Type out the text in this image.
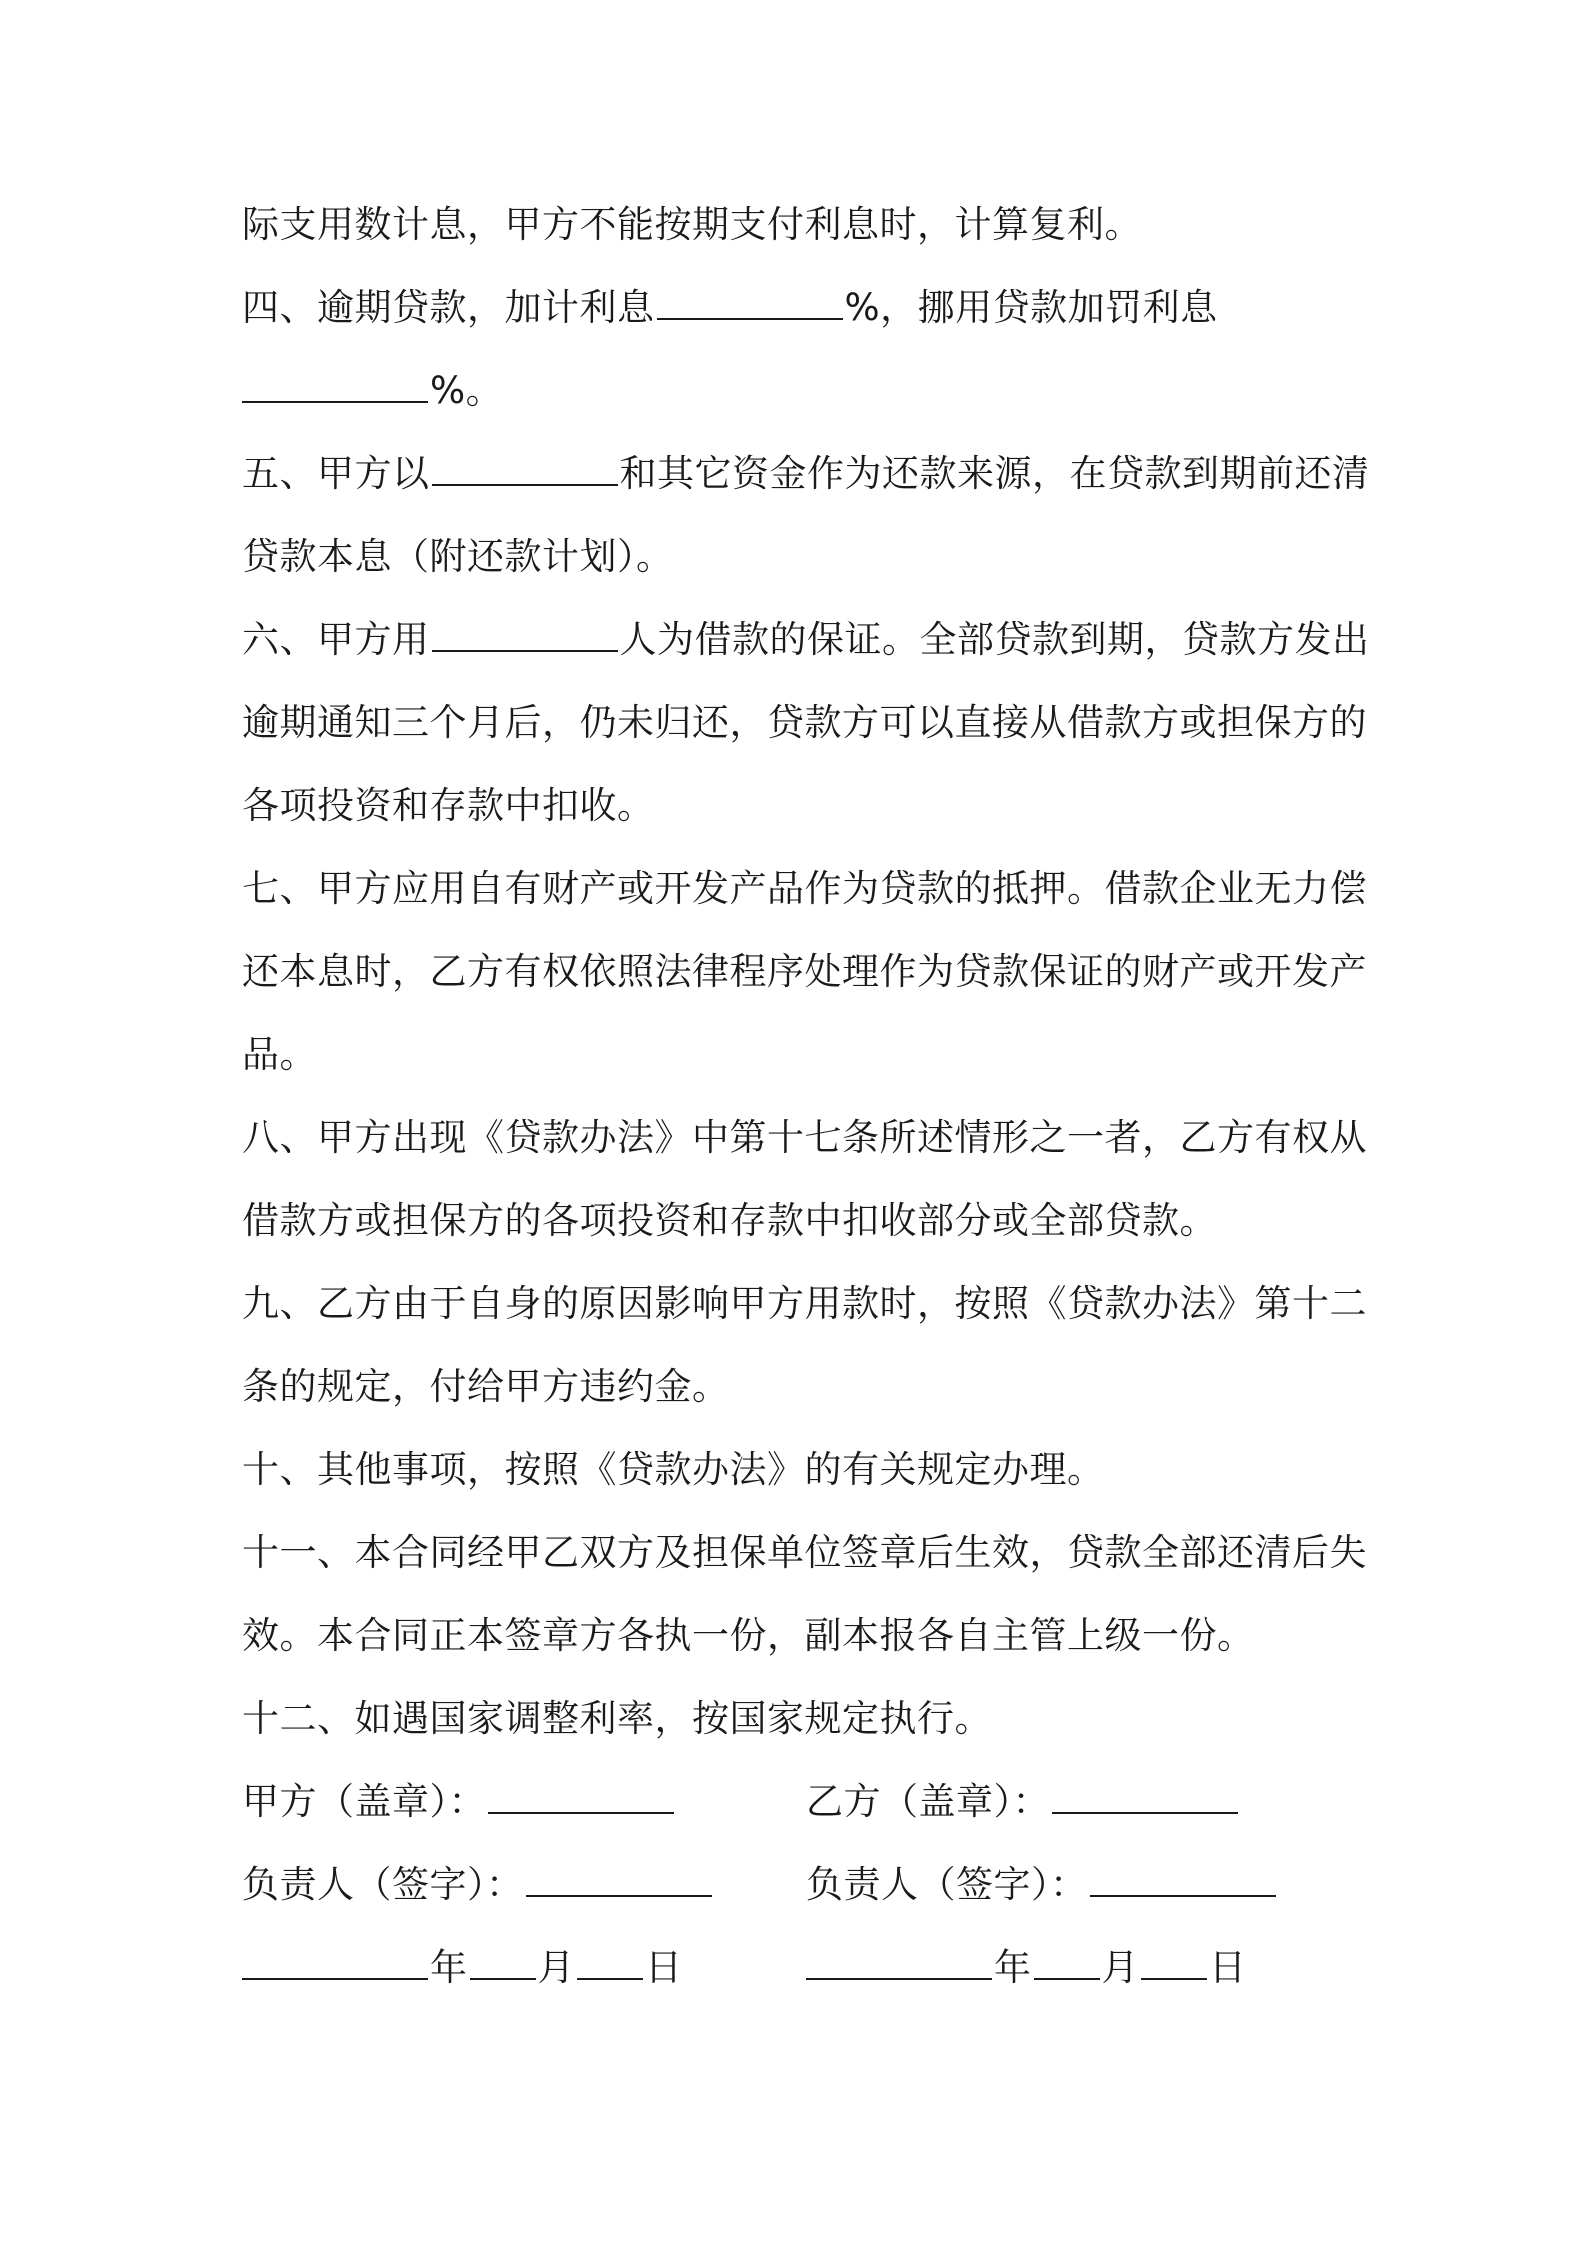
际支用数计息，甲方不能按期支付利息时，计算复利。
四、逾期贷款，加计利息	%，挪用贷款加罚利息
%。
五、甲方以	和其它资金作为还款来源，在贷款到期前还清
贷款本息（附还款计划）。
六、甲方用	人为借款的保证。全部贷款到期，贷款方发出
逾期通知三个月后，仍未归还，贷款方可以直接从借款方或担保方的
各项投资和存款中扣收。
七、甲方应用自有财产或开发产品作为贷款的抵押。借款企业无力偿
还本息时，乙方有权依照法律程序处理作为贷款保证的财产或开发产
品。
八、甲方出现《贷款办法》中第十七条所述情形之一者，乙方有权从
借款方或担保方的各项投资和存款中扣收部分或全部贷款。
九、乙方由于自身的原因影响甲方用款时，按照《贷款办法》第十二
条的规定，付给甲方违约金。
十、其他事项，按照《贷款办法》的有关规定办理。
十一、本合同经甲乙双方及担保单位签章后生效，贷款全部还清后失
效。本合同正本签章方各执一份，副本报各自主管上级一份。
十二、如遇国家调整利率，按国家规定执行。
甲方（盖章）：	乙方（盖章）：
负责人（签字）：	负责人（签字）：
年 月 日	年 月 日
